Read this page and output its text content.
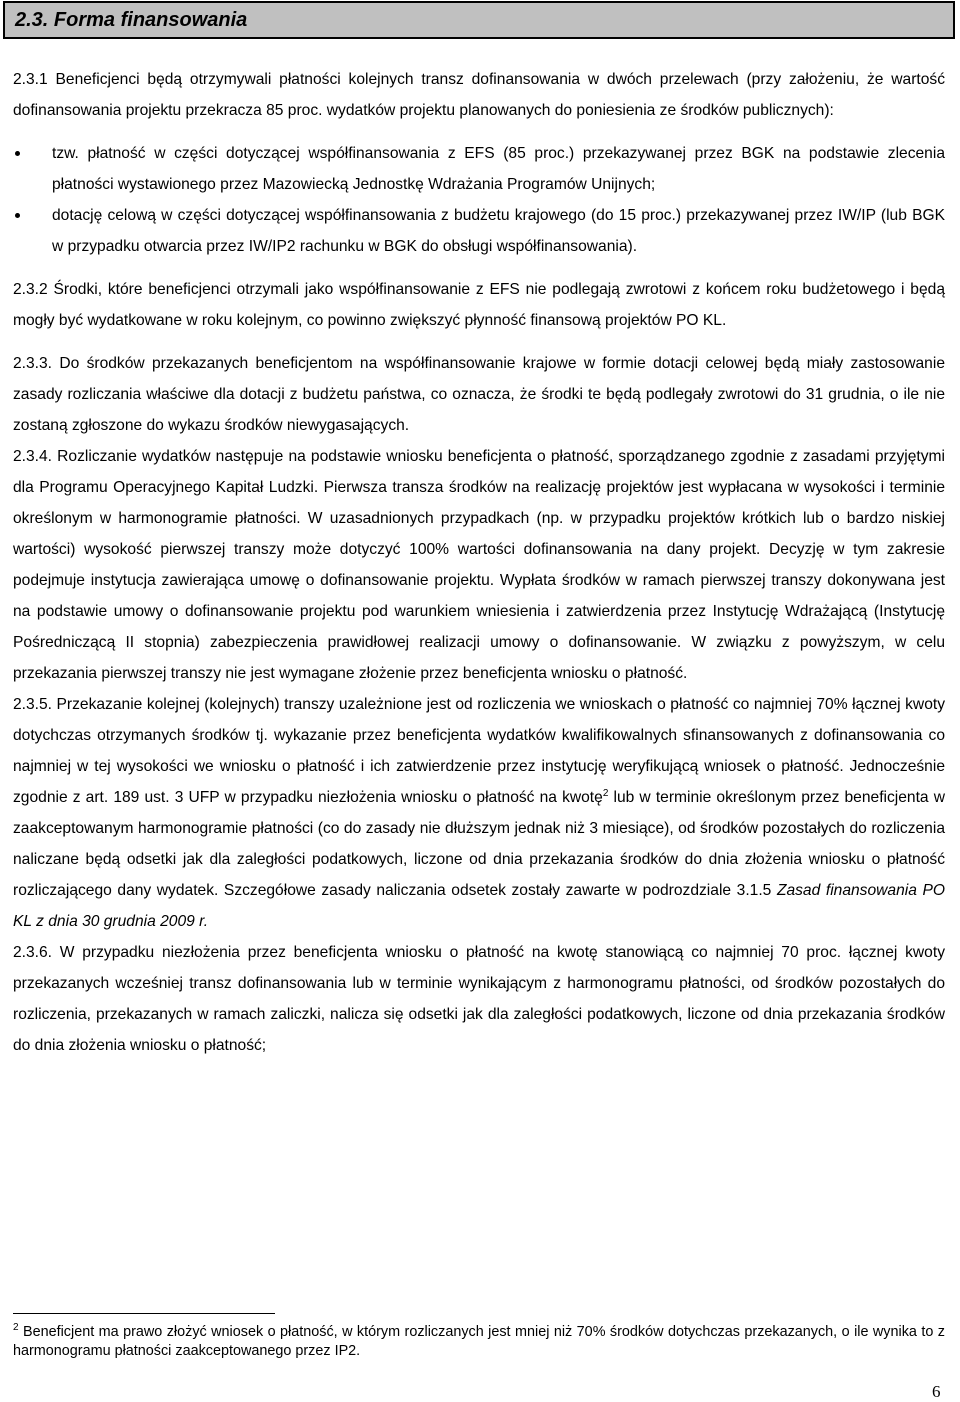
2.3. Forma finansowania

2.3.1 Beneficjenci będą otrzymywali płatności kolejnych transz dofinansowania w dwóch przelewach (przy założeniu, że wartość dofinansowania projektu przekracza 85 proc. wydatków projektu planowanych do poniesienia ze środków publicznych):

tzw. płatność w części dotyczącej współfinansowania z EFS (85 proc.) przekazywanej przez BGK na podstawie zlecenia płatności wystawionego przez Mazowiecką Jednostkę Wdrażania Programów Unijnych;
dotację celową w części dotyczącej współfinansowania z budżetu krajowego (do 15 proc.) przekazywanej przez IW/IP (lub BGK w przypadku otwarcia przez IW/IP2 rachunku w BGK do obsługi współfinansowania).

2.3.2 Środki, które beneficjenci otrzymali jako współfinansowanie z EFS nie podlegają zwrotowi z końcem roku budżetowego i będą mogły być wydatkowane w roku kolejnym, co powinno zwiększyć płynność finansową projektów PO KL.

2.3.3. Do środków przekazanych beneficjentom na współfinansowanie krajowe w formie dotacji celowej będą miały zastosowanie zasady rozliczania właściwe dla dotacji z budżetu państwa, co oznacza, że środki te będą podlegały zwrotowi do 31 grudnia, o ile nie zostaną zgłoszone do wykazu środków niewygasających.

2.3.4. Rozliczanie wydatków następuje na podstawie wniosku beneficjenta o płatność, sporządzanego zgodnie z zasadami przyjętymi dla Programu Operacyjnego Kapitał Ludzki. Pierwsza transza środków na realizację projektów jest wypłacana w wysokości i terminie określonym w harmonogramie płatności. W uzasadnionych przypadkach (np. w przypadku projektów krótkich lub o bardzo niskiej wartości) wysokość pierwszej transzy może dotyczyć 100% wartości dofinansowania na dany projekt. Decyzję w tym zakresie podejmuje instytucja zawierająca umowę o dofinansowanie projektu. Wypłata środków w ramach pierwszej transzy dokonywana jest na podstawie umowy o dofinansowanie projektu pod warunkiem wniesienia i zatwierdzenia przez Instytucję Wdrażającą (Instytucję Pośredniczącą II stopnia) zabezpieczenia prawidłowej realizacji umowy o dofinansowanie. W związku z powyższym, w celu przekazania pierwszej transzy nie jest wymagane złożenie przez beneficjenta wniosku o płatność.

2.3.5. Przekazanie kolejnej (kolejnych) transzy uzależnione jest od rozliczenia we wnioskach o płatność co najmniej 70% łącznej kwoty dotychczas otrzymanych środków tj. wykazanie przez beneficjenta wydatków kwalifikowalnych sfinansowanych z dofinansowania co najmniej w tej wysokości we wniosku o płatność i ich zatwierdzenie przez instytucję weryfikującą wniosek o płatność. Jednocześnie zgodnie z art. 189 ust. 3 UFP w przypadku niezłożenia wniosku o płatność na kwotę$^2$ lub w terminie określonym przez beneficjenta w zaakceptowanym harmonogramie płatności (co do zasady nie dłuższym jednak niż 3 miesiące), od środków pozostałych do rozliczenia naliczane będą odsetki jak dla zaległości podatkowych, liczone od dnia przekazania środków do dnia złożenia wniosku o płatność rozliczającego dany wydatek. Szczegółowe zasady naliczania odsetek zostały zawarte w podrozdziale 3.1.5 Zasad finansowania PO KL z dnia 30 grudnia 2009 r.

2.3.6. W przypadku niezłożenia przez beneficjenta wniosku o płatność na kwotę stanowiącą co najmniej 70 proc. łącznej kwoty przekazanych wcześniej transz dofinansowania lub w terminie wynikającym z harmonogramu płatności, od środków pozostałych do rozliczenia, przekazanych w ramach zaliczki, nalicza się odsetki jak dla zaległości podatkowych, liczone od dnia przekazania środków do dnia złożenia wniosku o płatność;

$^2$ Beneficjent ma prawo złożyć wniosek o płatność, w którym rozliczanych jest mniej niż 70% środków dotychczas przekazanych, o ile wynika to z harmonogramu płatności zaakceptowanego przez IP2.
6
